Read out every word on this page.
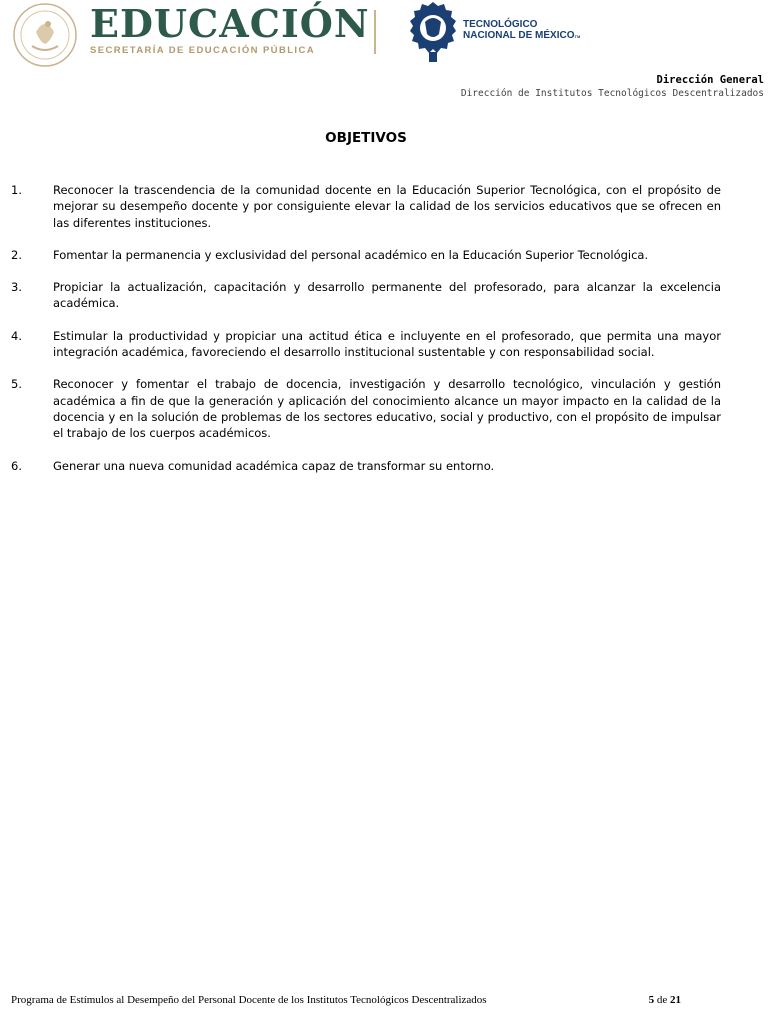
EDUCACIÓN
SECRETARÍA DE EDUCACIÓN PÚBLICA
TECNOLÓGICO
NACIONAL DE MÉXICOTM
Dirección General
Dirección de Institutos Tecnológicos Descentralizados
OBJETIVOS
1.	Reconocer la trascendencia de la comunidad docente en la Educación Superior Tecnológica, con el propósito de mejorar su desempeño docente y por consiguiente elevar la calidad de los servicios educativos que se ofrecen en las diferentes instituciones.
2.	Fomentar la permanencia y exclusividad del personal académico en la Educación Superior Tecnológica.
3.	Propiciar la actualización, capacitación y desarrollo permanente del profesorado, para alcanzar la excelencia académica.
4.	Estimular la productividad y propiciar una actitud ética e incluyente en el profesorado, que permita una mayor integración académica, favoreciendo el desarrollo institucional sustentable y con responsabilidad social.
5.	Reconocer y fomentar el trabajo de docencia, investigación y desarrollo tecnológico, vinculación y gestión académica a fin de que la generación y aplicación del conocimiento alcance un mayor impacto en la calidad de la docencia y en la solución de problemas de los sectores educativo, social y productivo, con el propósito de impulsar el trabajo de los cuerpos académicos.
6.	Generar una nueva comunidad académica capaz de transformar su entorno.
Programa de Estímulos al Desempeño del Personal Docente de los Institutos Tecnológicos Descentralizados	5 de 21
